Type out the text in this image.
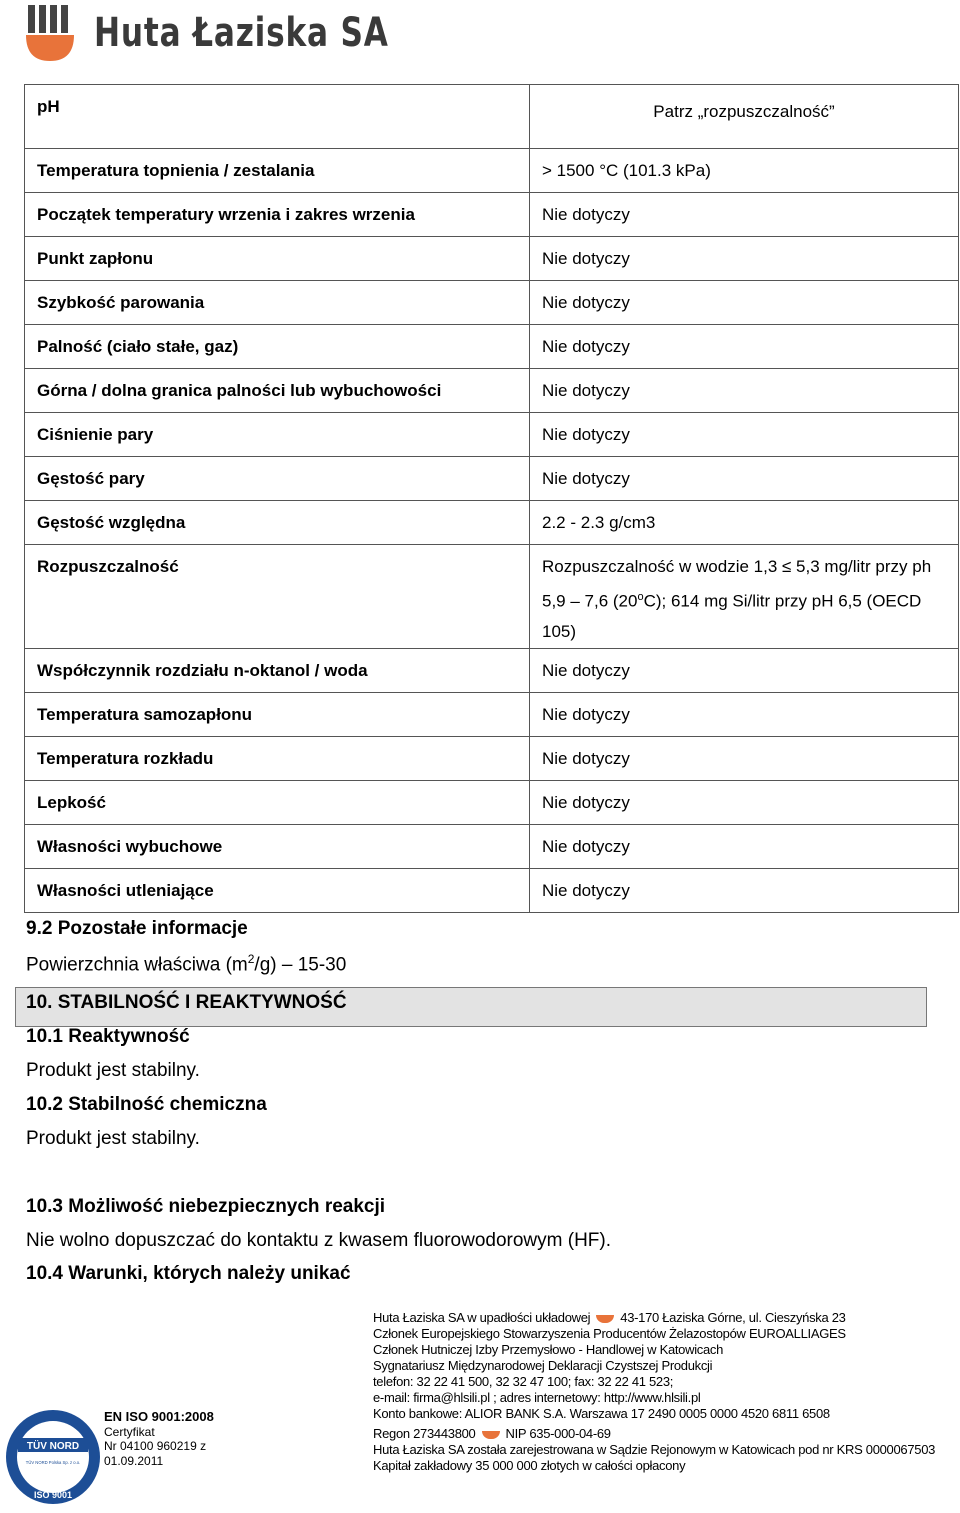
Huta Łaziska SA
pH	Patrz „rozpuszczalność”
Temperatura topnienia / zestalania	> 1500 °C (101.3 kPa)
Początek temperatury wrzenia i zakres wrzenia	Nie dotyczy
Punkt zapłonu	Nie dotyczy
Szybkość parowania	Nie dotyczy
Palność (ciało stałe, gaz)	Nie dotyczy
Górna / dolna granica palności lub wybuchowości	Nie dotyczy
Ciśnienie pary	Nie dotyczy
Gęstość pary	Nie dotyczy
Gęstość względna	2.2 - 2.3 g/cm3
Rozpuszczalność	Rozpuszczalność w wodzie 1,3 ≤ 5,3 mg/litr przy ph
5,9 – 7,6 (20$^o$C); 614 mg Si/litr przy pH 6,5 (OECD
105)
Współczynnik rozdziału n-oktanol / woda	Nie dotyczy
Temperatura samozapłonu	Nie dotyczy
Temperatura rozkładu	Nie dotyczy
Lepkość	Nie dotyczy
Własności wybuchowe	Nie dotyczy
Własności utleniające	Nie dotyczy
9.2 Pozostałe informacje
Powierzchnia właściwa $(m^2/g) - 15-30$
10. STABILNOŚĆ I REAKTYWNOŚĆ
10.1 Reaktywność
Produkt jest stabilny.
10.2 Stabilność chemiczna
Produkt jest stabilny.
10.3 Możliwość niebezpiecznych reakcji
Nie wolno dopuszczać do kontaktu z kwasem fluorowodorowym (HF).
10.4 Warunki, których należy unikać
Huta Łaziska SA w upadłości układowej 43-170 Łaziska Górne, ul. Cieszyńska 23
Członek Europejskiego Stowarzyszenia Producentów Żelazostopów EUROALLIAGES
Członek Hutniczej Izby Przemysłowo - Handlowej w Katowicach
Sygnatariusz Międzynarodowej Deklaracji Czystszej Produkcji
telefon: 32 22 41 500, 32 32 47 100; fax: 32 22 41 523;
e-mail: firma@hlsili.pl ; adres internetowy: http://www.hlsili.pl
Konto bankowe: ALIOR BANK S.A. Warszawa 17 2490 0005 0000 4520 6811 6508
Regon 273443800 NIP 635-000-04-69
Huta Łaziska SA została zarejestrowana w Sądzie Rejonowym w Katowicach pod nr KRS 0000067503
Kapitał zakładowy 35 000 000 złotych w całości opłacony
TÜV NORD
TÜV NORD Polska Sp. z o.o.
ISO 9001
EN ISO 9001:2008
Certyfikat
Nr 04100 960219 z
01.09.2011
